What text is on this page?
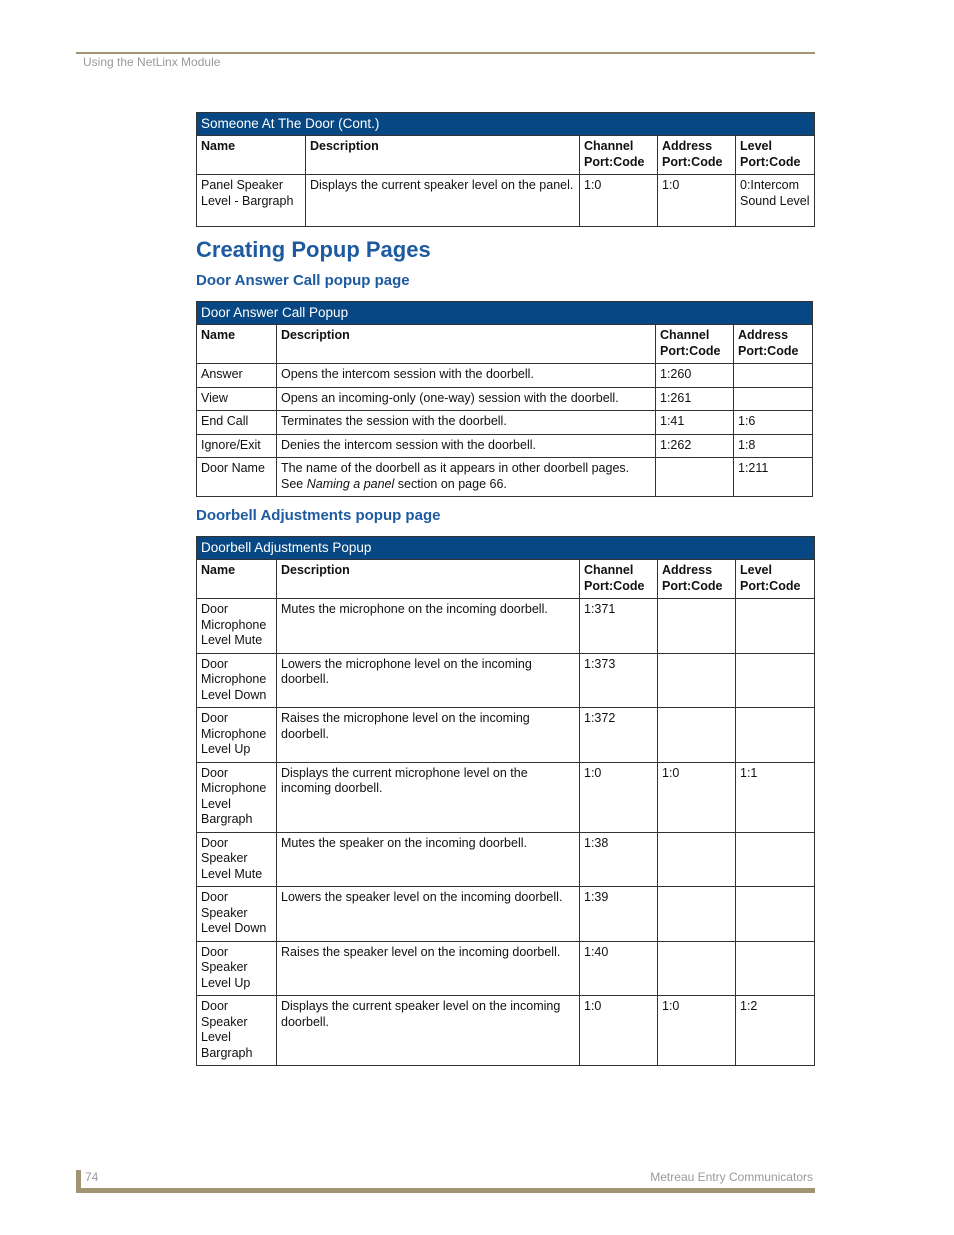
Using the NetLinx Module
Someone At The Door (Cont.)				
Name	Description	Channel Port:Code	Address Port:Code	Level Port:Code
Panel Speaker Level - Bargraph	Displays the current speaker level on the panel.	1:0	1:0	0:Intercom Sound Level
Creating Popup Pages
Door Answer Call popup page
Door Answer Call Popup			
Name	Description	Channel Port:Code	Address Port:Code
Answer	Opens the intercom session with the doorbell.	1:260	
View	Opens an incoming-only (one-way) session with the doorbell.	1:261	
End Call	Terminates the session with the doorbell.	1:41	1:6
Ignore/Exit	Denies the intercom session with the doorbell.	1:262	1:8
Door Name	The name of the doorbell as it appears in other doorbell pages. See Naming a panel section on page 66.		1:211
Doorbell Adjustments popup page
Doorbell Adjustments Popup				
Name	Description	Channel Port:Code	Address Port:Code	Level Port:Code
Door Microphone Level Mute	Mutes the microphone on the incoming doorbell.	1:371		
Door Microphone Level Down	Lowers the microphone level on the incoming doorbell.	1:373		
Door Microphone Level Up	Raises the microphone level on the incoming doorbell.	1:372		
Door Microphone Level Bargraph	Displays the current microphone level on the incoming doorbell.	1:0	1:0	1:1
Door Speaker Level Mute	Mutes the speaker on the incoming doorbell.	1:38		
Door Speaker Level Down	Lowers the speaker level on the incoming doorbell.	1:39		
Door Speaker Level Up	Raises the speaker level on the incoming doorbell.	1:40		
Door Speaker Level Bargraph	Displays the current speaker level on the incoming doorbell.	1:0	1:0	1:2
74	Metreau Entry Communicators
